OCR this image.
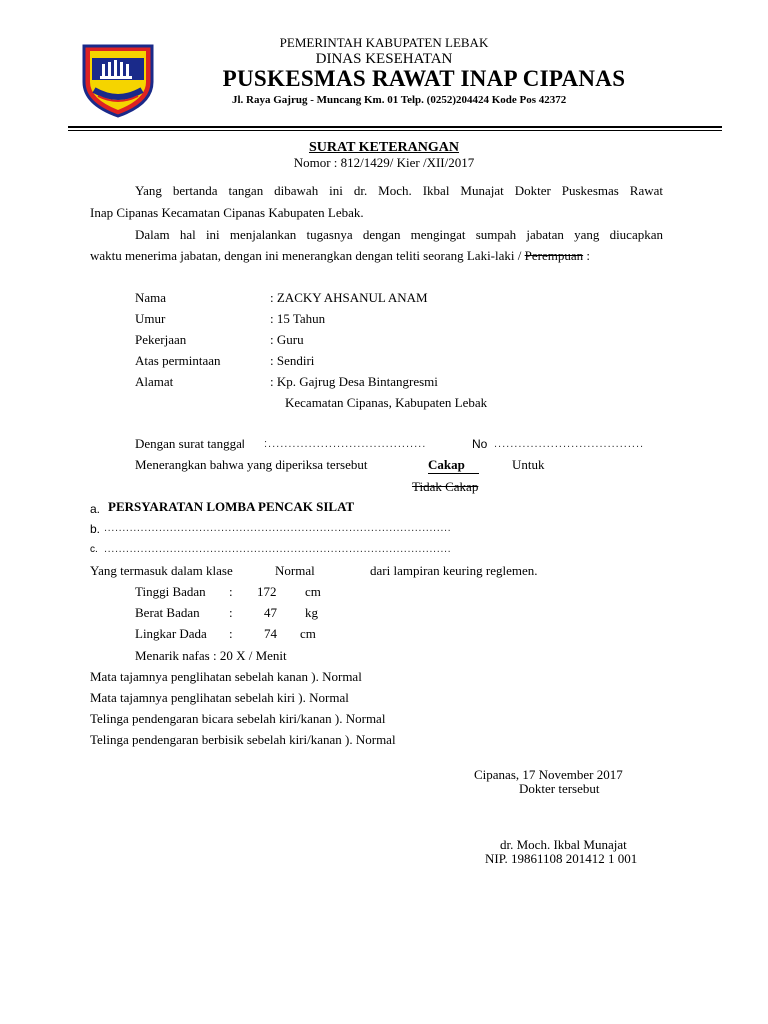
PEMERINTAH KABUPATEN LEBAK
DINAS KESEHATAN
PUSKESMAS RAWAT INAP CIPANAS
Jl. Raya Gajrug - Muncang Km. 01 Telp. (0252)204424 Kode Pos 42372
SURAT KETERANGAN
Nomor : 812/1429/ Kier /XII/2017
Yang bertanda tangan dibawah ini dr. Moch. Ikbal Munajat Dokter Puskesmas Rawat
Inap Cipanas Kecamatan Cipanas Kabupaten Lebak.
Dalam hal ini menjalankan tugasnya dengan mengingat sumpah jabatan yang diucapkan
waktu menerima jabatan, dengan ini menerangkan dengan teliti seorang Laki-laki / Perempuan :
Nama	: ZACKY AHSANUL ANAM
Umur	: 15 Tahun
Pekerjaan	: Guru
Atas permintaan	: Sendiri
Alamat	: Kp. Gajrug Desa Bintangresmi
Kecamatan Cipanas, Kabupaten Lebak
Dengan surat tanggal :.......................................	No .....................................
Menerangkan bahwa yang diperiksa tersebut	Cakap	Untuk
Tidak Cakap
a. PERSYARATAN LOMBA PENCAK SILAT
b. ...............................................................................................
c. ...............................................................................................
Yang termasuk dalam klase	Normal	dari lampiran keuring reglemen.
Tinggi Badan : 172 cm
Berat Badan : 47 kg
Lingkar Dada : 74 cm
Menarik nafas : 20 X / Menit
Mata tajamnya penglihatan sebelah kanan ). Normal
Mata tajamnya penglihatan sebelah kiri ). Normal
Telinga pendengaran bicara sebelah kiri/kanan ). Normal
Telinga pendengaran berbisik sebelah kiri/kanan ). Normal
Cipanas, 17 November 2017
Dokter tersebut
dr. Moch. Ikbal Munajat
NIP. 19861108 201412 1 001
